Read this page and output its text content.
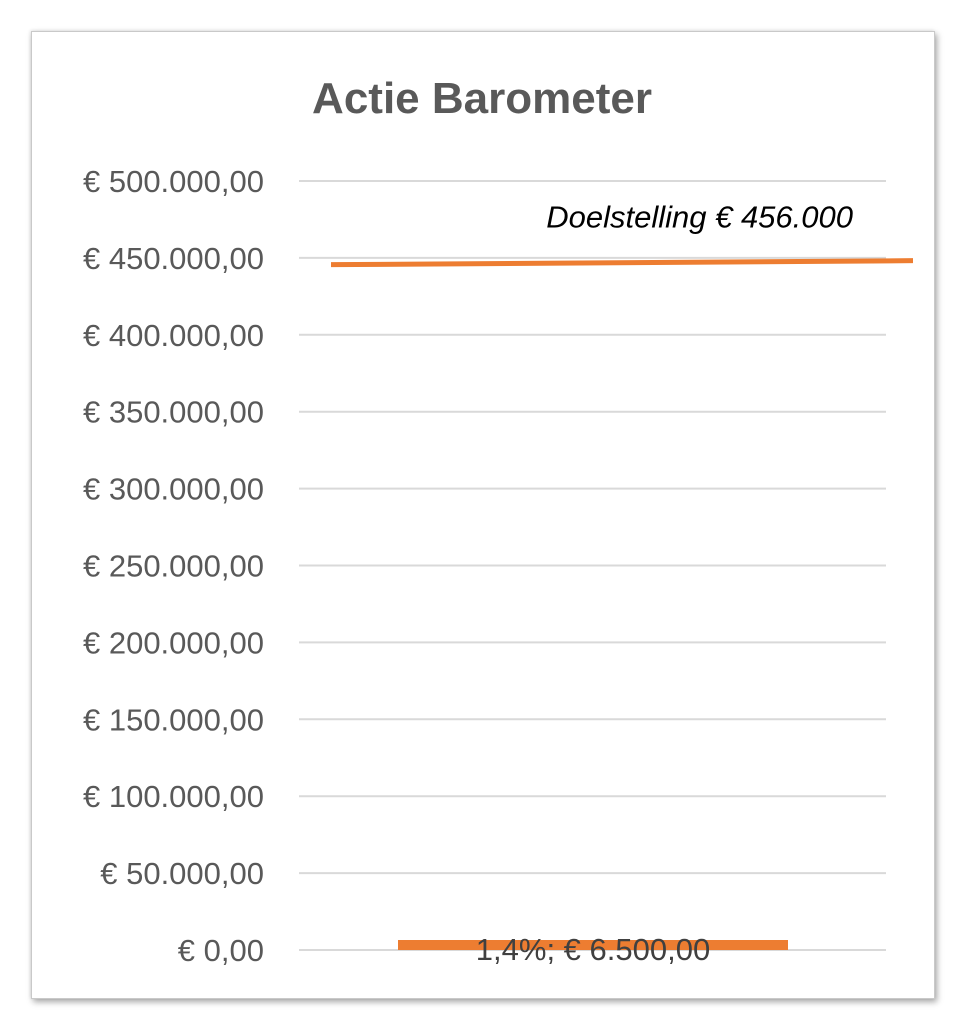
Actie Barometer
€ 0,00
€ 50.000,00
€ 100.000,00
€ 150.000,00
€ 200.000,00
€ 250.000,00
€ 300.000,00
€ 350.000,00
€ 400.000,00
€ 450.000,00
€ 500.000,00
Doelstelling € 456.000
1,4%; € 6.500,00
